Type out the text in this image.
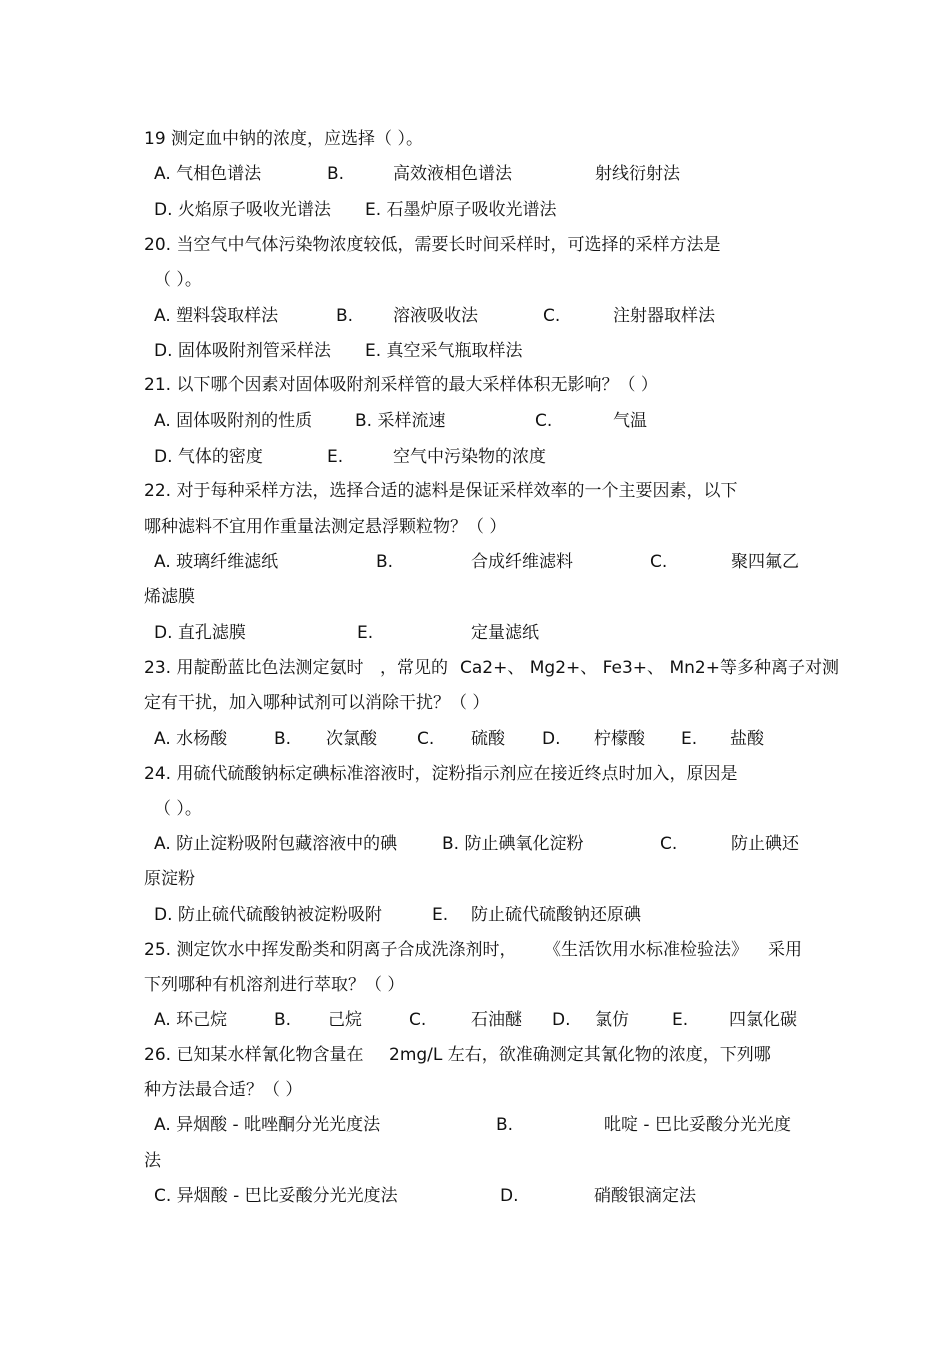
19 测定血中钠的浓度，应选择（ ）。
A. 气相色谱法	B.	高效液相色谱法	射线衍射法
D. 火焰原子吸收光谱法 E. 石墨炉原子吸收光谱法
20. 当空气中气体污染物浓度较低，需要长时间采样时，可选择的采样方法是
（ ）。
A. 塑料袋取样法	B. 溶液吸收法	C.	注射器取样法
D. 固体吸附剂管采样法 E. 真空采气瓶取样法
21. 以下哪个因素对固体吸附剂采样管的最大采样体积无影响？（ ）
A. 固体吸附剂的性质	B. 采样流速	C.	气温
D. 气体的密度	E.	空气中污染物的浓度
22. 对于每种采样方法，选择合适的滤料是保证采样效率的一个主要因素，以下
哪种滤料不宜用作重量法测定悬浮颗粒物？（ ）
A. 玻璃纤维滤纸	B.	合成纤维滤料	C.	聚四氟乙
烯滤膜
D. 直孔滤膜	E.	定量滤纸
23. 用靛酚蓝比色法测定氨时 ，常见的 Ca2+、 Mg2+、 Fe3+、 Mn2+等多种离子对测
定有干扰，加入哪种试剂可以消除干扰？（ ）
A. 水杨酸	B. 次氯酸 C. 硫酸 D. 柠檬酸 E. 盐酸
24. 用硫代硫酸钠标定碘标准溶液时，淀粉指示剂应在接近终点时加入，原因是
（ ）。
A. 防止淀粉吸附包藏溶液中的碘	B. 防止碘氧化淀粉	C.	防止碘还
原淀粉
D. 防止硫代硫酸钠被淀粉吸附	E. 防止硫代硫酸钠还原碘
25. 测定饮水中挥发酚类和阴离子合成洗涤剂时， 《生活饮用水标准检验法》 采用
下列哪种有机溶剂进行萃取？（ ）
A. 环己烷	B. 己烷	C.	石油醚 D. 氯仿	E. 四氯化碳
26. 已知某水样氰化物含量在 2mg/L 左右，欲准确测定其氰化物的浓度，下列哪
种方法最合适？（ ）
A. 异烟酸 - 吡唑酮分光光度法	B.	吡啶 - 巴比妥酸分光光度
法
C. 异烟酸 - 巴比妥酸分光光度法	D.	硝酸银滴定法
